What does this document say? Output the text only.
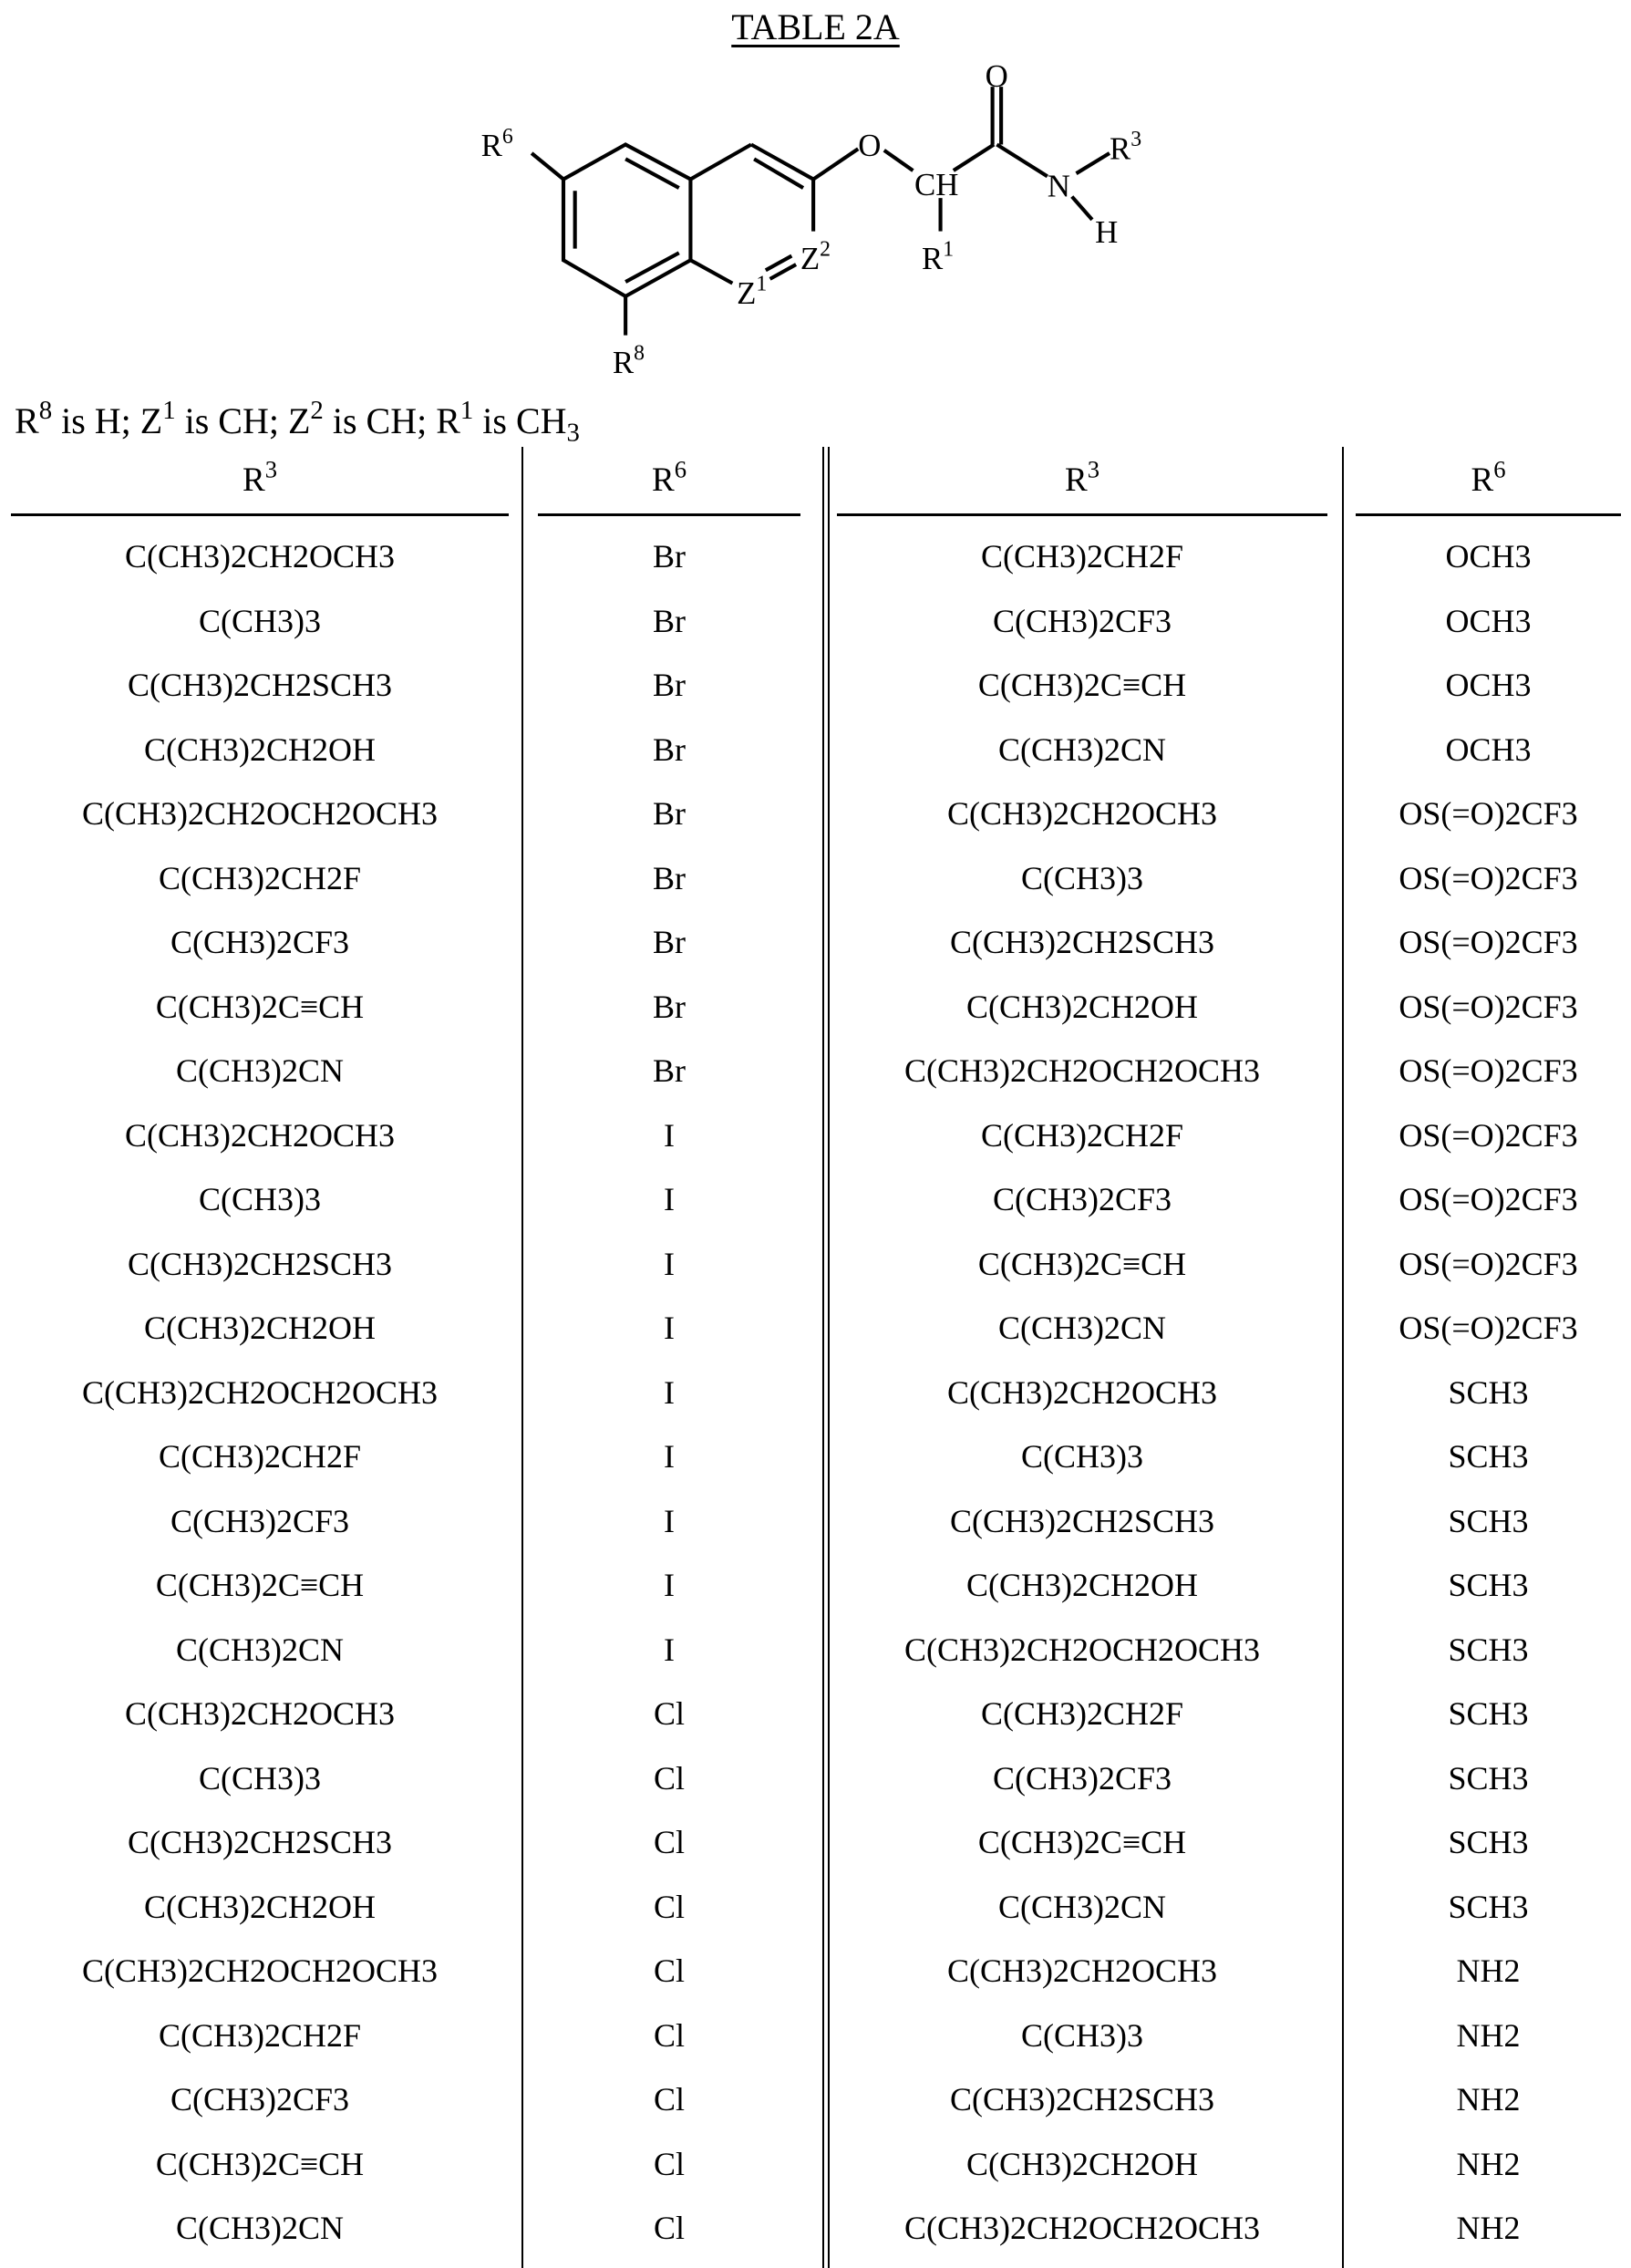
TABLE 2A
R6
R8
Z1
Z2
O
CH
R1
O
N
R3
H
R8 is H; Z1 is CH; Z2 is CH; R1 is CH3
R3	R6	R3	R6
C(CH3)2CH2OCH3	Br	C(CH3)2CH2F	OCH3
C(CH3)3	Br	C(CH3)2CF3	OCH3
C(CH3)2CH2SCH3	Br	C(CH3)2C≡CH	OCH3
C(CH3)2CH2OH	Br	C(CH3)2CN	OCH3
C(CH3)2CH2OCH2OCH3	Br	C(CH3)2CH2OCH3	OS(=O)2CF3
C(CH3)2CH2F	Br	C(CH3)3	OS(=O)2CF3
C(CH3)2CF3	Br	C(CH3)2CH2SCH3	OS(=O)2CF3
C(CH3)2C≡CH	Br	C(CH3)2CH2OH	OS(=O)2CF3
C(CH3)2CN	Br	C(CH3)2CH2OCH2OCH3	OS(=O)2CF3
C(CH3)2CH2OCH3	I	C(CH3)2CH2F	OS(=O)2CF3
C(CH3)3	I	C(CH3)2CF3	OS(=O)2CF3
C(CH3)2CH2SCH3	I	C(CH3)2C≡CH	OS(=O)2CF3
C(CH3)2CH2OH	I	C(CH3)2CN	OS(=O)2CF3
C(CH3)2CH2OCH2OCH3	I	C(CH3)2CH2OCH3	SCH3
C(CH3)2CH2F	I	C(CH3)3	SCH3
C(CH3)2CF3	I	C(CH3)2CH2SCH3	SCH3
C(CH3)2C≡CH	I	C(CH3)2CH2OH	SCH3
C(CH3)2CN	I	C(CH3)2CH2OCH2OCH3	SCH3
C(CH3)2CH2OCH3	Cl	C(CH3)2CH2F	SCH3
C(CH3)3	Cl	C(CH3)2CF3	SCH3
C(CH3)2CH2SCH3	Cl	C(CH3)2C≡CH	SCH3
C(CH3)2CH2OH	Cl	C(CH3)2CN	SCH3
C(CH3)2CH2OCH2OCH3	Cl	C(CH3)2CH2OCH3	NH2
C(CH3)2CH2F	Cl	C(CH3)3	NH2
C(CH3)2CF3	Cl	C(CH3)2CH2SCH3	NH2
C(CH3)2C≡CH	Cl	C(CH3)2CH2OH	NH2
C(CH3)2CN	Cl	C(CH3)2CH2OCH2OCH3	NH2
